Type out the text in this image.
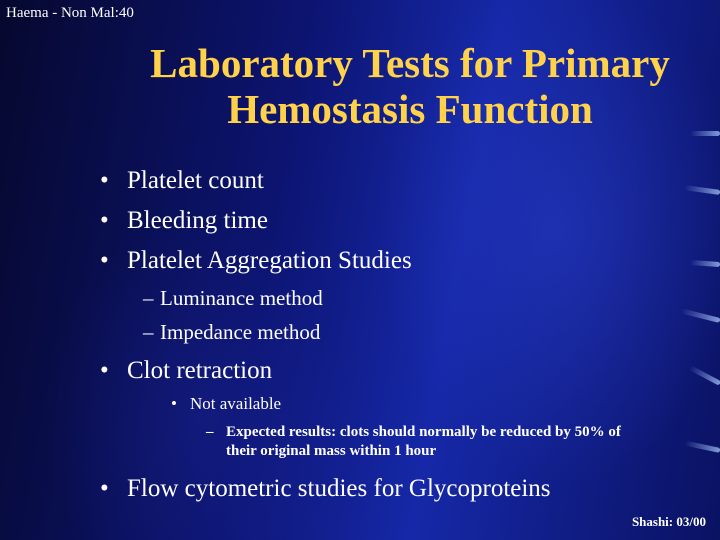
Haema - Non Mal:40
Laboratory Tests for Primary
Hemostasis Function
• Platelet count
• Bleeding time
• Platelet Aggregation Studies
– Luminance method
– Impedance method
• Clot retraction
• Not available
– Expected results: clots should normally be reduced by 50% of
their original mass within 1 hour
• Flow cytometric studies for Glycoproteins
Shashi: 03/00
